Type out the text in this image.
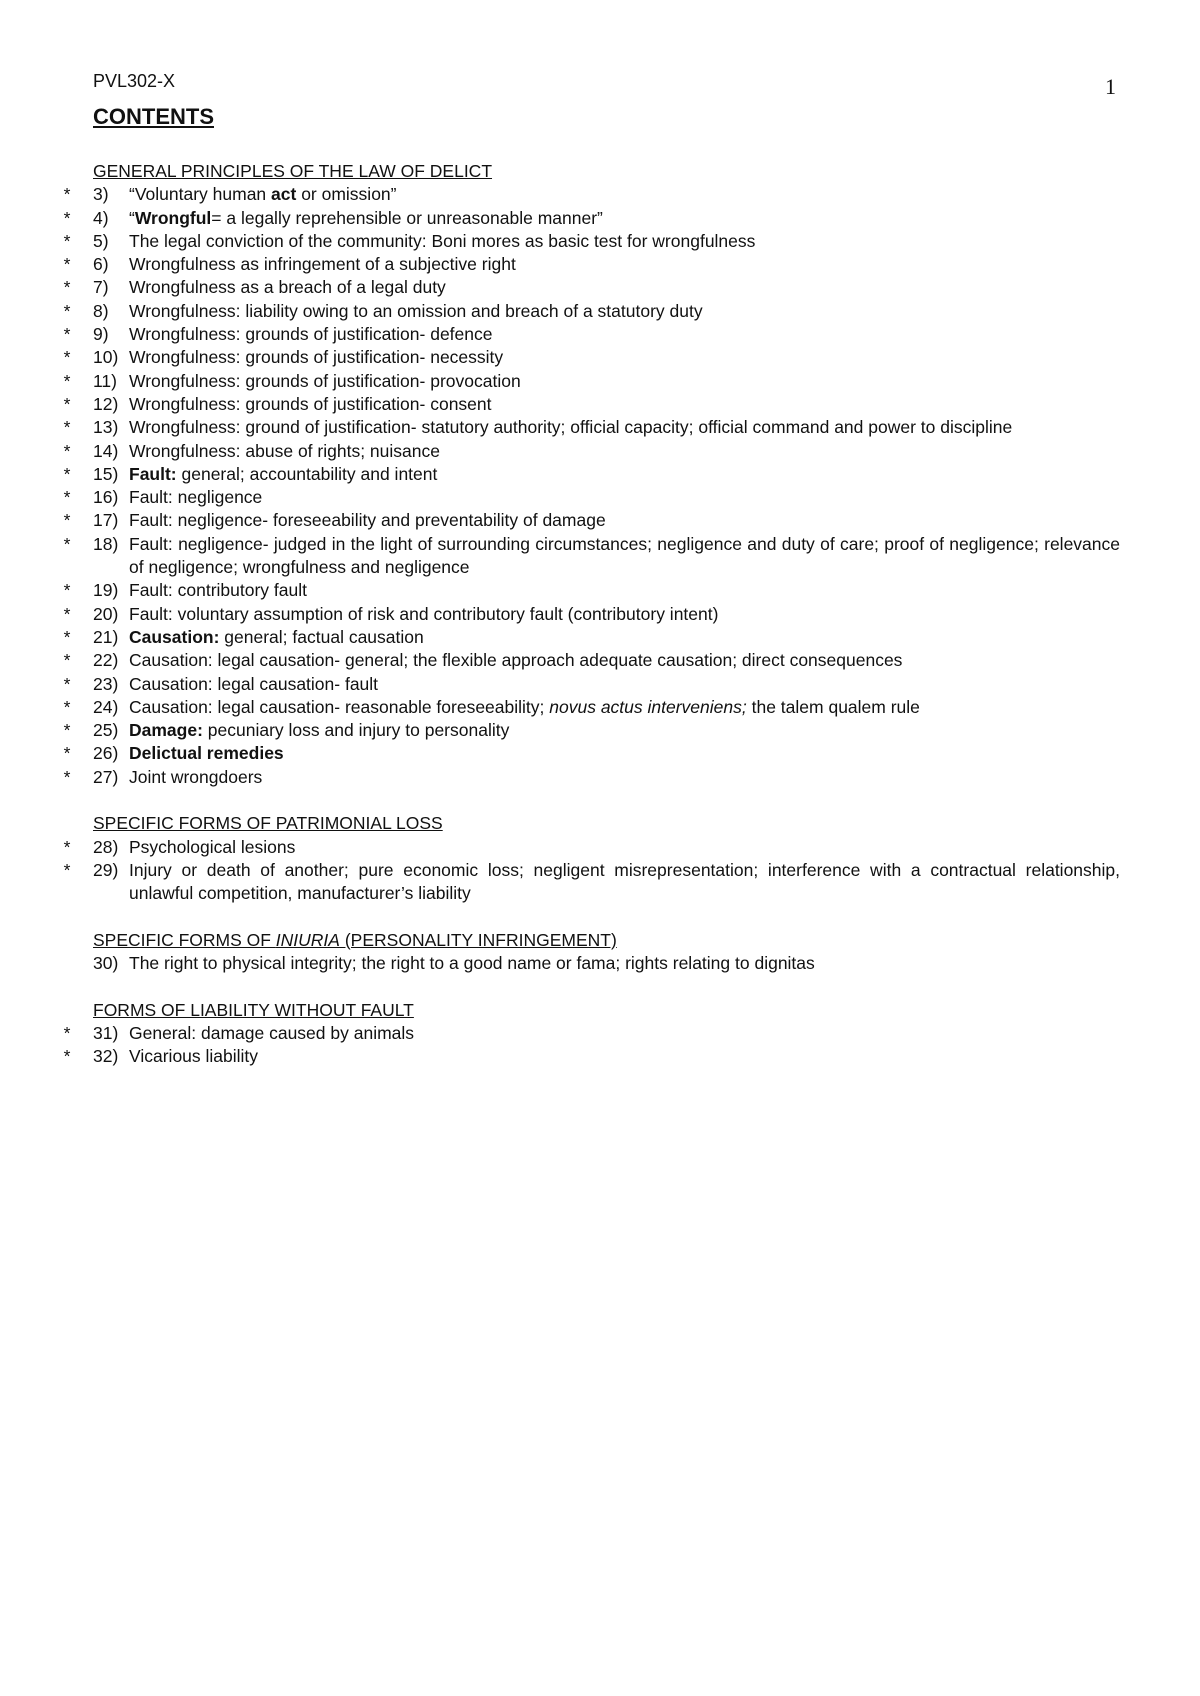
PVL302-X	1
CONTENTS
GENERAL PRINCIPLES OF THE LAW OF DELICT
* 3) “Voluntary human act or omission”
* 4) “Wrongful= a legally reprehensible or unreasonable manner”
* 5) The legal conviction of the community: Boni mores as basic test for wrongfulness
* 6) Wrongfulness as infringement of a subjective right
* 7) Wrongfulness as a breach of a legal duty
* 8) Wrongfulness: liability owing to an omission and breach of a statutory duty
* 9) Wrongfulness: grounds of justification- defence
* 10) Wrongfulness: grounds of justification- necessity
* 11) Wrongfulness: grounds of justification- provocation
* 12) Wrongfulness: grounds of justification- consent
* 13) Wrongfulness: ground of justification- statutory authority; official capacity; official command and power to discipline
* 14) Wrongfulness: abuse of rights; nuisance
* 15) Fault: general; accountability and intent
* 16) Fault: negligence
* 17) Fault: negligence- foreseeability and preventability of damage
* 18) Fault: negligence- judged in the light of surrounding circumstances; negligence and duty of care; proof of negligence; relevance of negligence; wrongfulness and negligence
* 19) Fault: contributory fault
* 20) Fault: voluntary assumption of risk and contributory fault (contributory intent)
* 21) Causation: general; factual causation
* 22) Causation: legal causation- general; the flexible approach adequate causation; direct consequences
* 23) Causation: legal causation- fault
* 24) Causation: legal causation- reasonable foreseeability; novus actus interveniens; the talem qualem rule
* 25) Damage: pecuniary loss and injury to personality
* 26) Delictual remedies
* 27) Joint wrongdoers
SPECIFIC FORMS OF PATRIMONIAL LOSS
* 28) Psychological lesions
* 29) Injury or death of another; pure economic loss; negligent misrepresentation; interference with a contractual relationship, unlawful competition, manufacturer’s liability
SPECIFIC FORMS OF INIURIA (PERSONALITY INFRINGEMENT)
30) The right to physical integrity; the right to a good name or fama; rights relating to dignitas
FORMS OF LIABILITY WITHOUT FAULT
* 31) General: damage caused by animals
* 32) Vicarious liability
